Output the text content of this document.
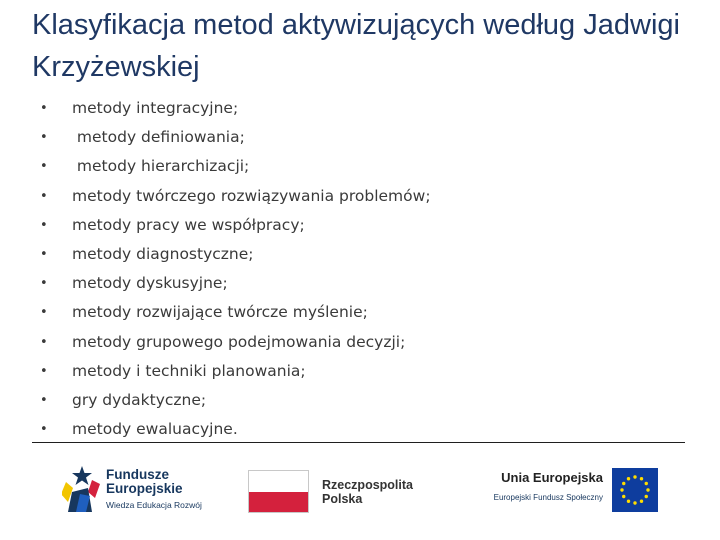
Klasyfikacja metod aktywizujących według Jadwigi Krzyżewskiej
• metody integracyjne;
• metody definiowania;
• metody hierarchizacji;
• metody twórczego rozwiązywania problemów;
• metody pracy we współpracy;
• metody diagnostyczne;
• metody dyskusyjne;
• metody rozwijające twórcze myślenie;
• metody grupowego podejmowania decyzji;
• metody i techniki planowania;
• gry dydaktyczne;
• metody ewaluacyjne.
Fundusze
Europejskie
Wiedza Edukacja Rozwój
Rzeczpospolita
Polska
Unia Europejska
Europejski Fundusz Społeczny
